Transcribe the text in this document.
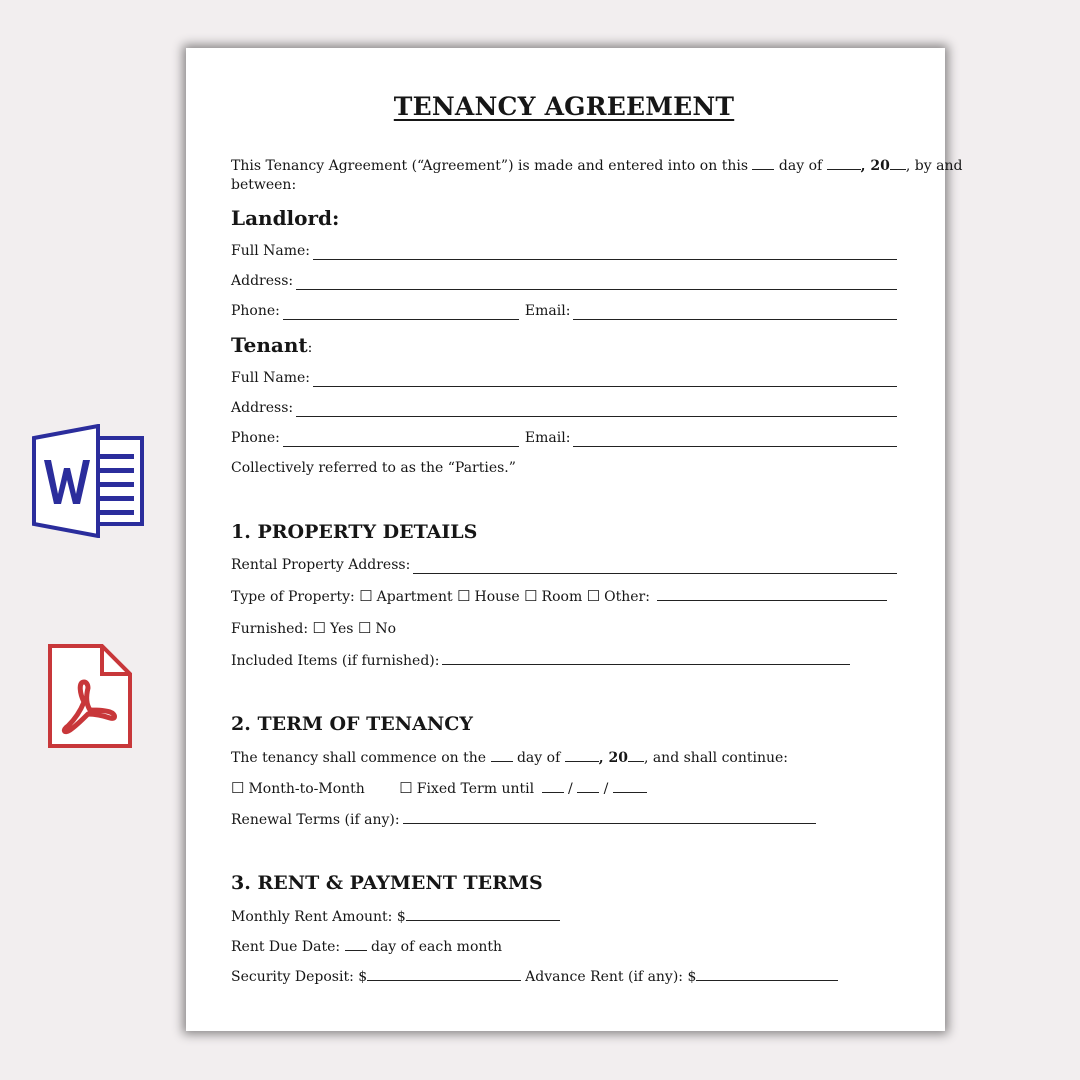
TENANCY AGREEMENT
This Tenancy Agreement (“Agreement”) is made and entered into on this  day of , 20 , by and
between:
Landlord:
Full Name:
Address:
Phone:	Email:
Tenant:
Full Name:
Address:
Phone:	Email:
Collectively referred to as the “Parties.”
1. PROPERTY DETAILS
Rental Property Address:
Type of Property: ☐ Apartment ☐ House ☐ Room ☐ Other:
Furnished: ☐ Yes ☐ No
Included Items (if furnished):
2. TERM OF TENANCY
The tenancy shall commence on the  day of , 20 , and shall continue:
☐ Month-to-Month ☐ Fixed Term until / /
Renewal Terms (if any):
3. RENT & PAYMENT TERMS
Monthly Rent Amount: $
Rent Due Date:  day of each month
Security Deposit: $	Advance Rent (if any): $
